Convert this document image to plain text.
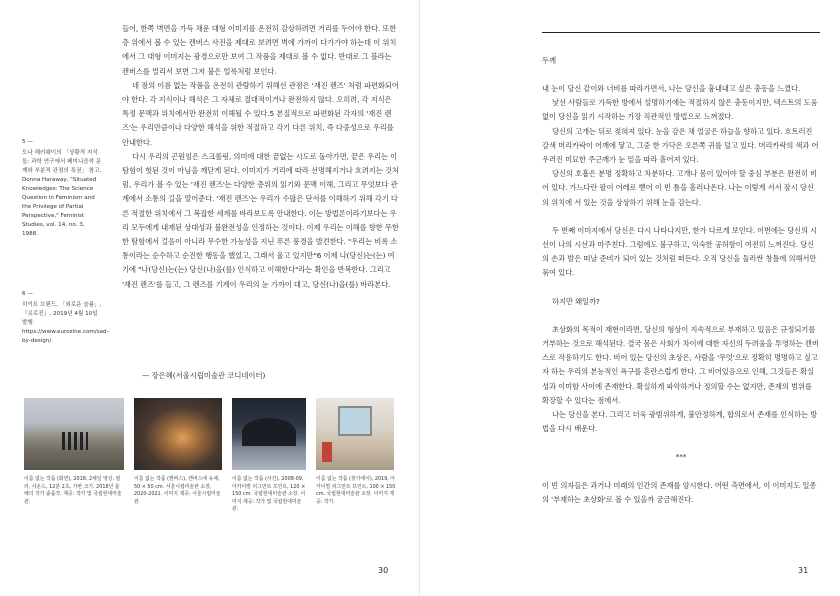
들어, 한쪽 벽면을 가득 채운 대형 이미지를 온전히 감상하려면 거리를 두어야 한다. 또한 층 위에서 볼 수 있는 캔버스 사진을 제대로 보려면 벽에 가까이 다가가야 하는데 이 위치에서 그 대형 이미지는 광경으로만 보여 그 작품을 제대로 볼 수 없다. 반대로 그 블라는 캔버스를 멀리서 보면 그저 불은 얼룩처럼 보인다.

네 점의 이름 없는 작품을 온전히 관람하기 위해선 관점은 '재진 렌즈' 처럼 파편화되어야 한다. 각 지식이나 해석은 그 자체로 절대적이거나 완전하지 않다. 오히려, 각 지식은 특정 문맥과 위치에서만 완전히 이해될 수 있다.5 본질적으로 파편화된 각자의 '재진 렌즈'는 우리만큼이나 다양한 해석을 위한 적절하고 각기 다른 위치, 즉 다중성으로 우리를 안내한다.

다시 우리의 곤원임은 스크롤링, 의미에 대한 끝없는 시도로 돌아가면, 끝은 우리는 이 탐험이 헛된 것이 아님을 깨닫게 된다. 이미지가 거리에 따라 선명해지거나 흐려지는 것처럼, 우리가 볼 수 있는 '재진 렌즈'는 다양한 층위의 읽기와 문맥 이해, 그리고 무엇보다 관계에서 소통의 길을 열어준다. '재진 렌즈'는 우리가 수많은 단서를 이해하기 위해 각기 다른 적절한 위치에서 그 복잡한 세계를 바라보도록 안내한다. 이는 방법론이라기보다는 우리 모두에게 내재된 상대성과 불완전성을 인정하는 것이다. 이제 우리는 이해를 향한 무한한 탐험에서 걸음이 아니라 무수한 가능성을 지닌 푸른 풍경을 발견한다. "우리는 비록 소통이라는 순수하고 순진한 행동을 했었고, 그래서 울고 있지만"6 이제 나(당신)는(는) 여기에 "나(당신)는(는) 당신(나)을(를) 인식하고 이해한다"라는 확인을 반복한다. 그리고 '재진 렌즈'를 들고, 그 렌즈를 기계이 우리의 눈 가까이 대고, 당신(나)을(를) 바라본다.

5 —
도나 해러웨이의 「상황적 지식들: 과학 연구에서 페미니즘적 문제와 부분적 관점의 특권」 참고. Donna Haraway, "Situated Knowledges: The Science Question in Feminism and the Privilege of Partial Perspective," Feminist Studies, vol. 14, no. 3, 1988.
6 —
히이트 브랜드, 「외로운 슬픔」, 『유로진』, 2019년 4월 10일 발행. https://www.eurozine.com/sad-by-design/.
— 장은혜(서울시립미술관 코디네이터)
이름 없는 작품 (화면), 2018, 2채널 영상, 컬러, 사운드, 12분 2초, 가변 크기. 2018년 올해의 작가 출품작. 제공: 작가 및 국립현대미술관.
이름 없는 작품 (캔버스), 캔버스에 유채, 50 × 50 cm. 서울시립미술관 소장, 2020-2021. 이미지 제공: 서울시립미술관.
이름 없는 작품 (사진), 2008-09, 아카이벌 피그먼트 프린트, 120 × 150 cm. 국립현대미술관 소장. 이미지 제공: 작가 및 국립현대미술관.
이름 없는 작품 (창가에서), 2019, 아카이벌 피그먼트 프린트, 100 × 150 cm. 국립현대미술관 소장. 이미지 제공: 작가.
30
두께

내 눈이 당신 같이와 너비를 따라가면서, 나는 당신을 흉내내고 싶은 충동을 느꼈다.

낯선 사람들로 가득한 방에서 설명하기에는 적절하지 않은 충동이지만, 텍스트의 도움 없이 당신을 읽기 시작하는 가장 직관적인 방법으로 느껴졌다.

당신의 고개는 뒤로 젖혀져 있다. 눈을 감은 채 얼굴은 하늘을 향하고 있다. 흐트러진 갈색 머리카락이 어깨에 닿고, 그중 한 가닥은 오른쪽 귀를 덮고 있다. 머리카락의 색과 어우러진 미묘한 주근깨가 눈 밑을 따라 흩어져 있다.

당신의 호흡은 분명 정확하고 차분하다. 고개나 몸이 있어야 할 중심 부분은 완전히 비어 있다. 가느다란 팔이 어레로 뻗어 이 빈 틈을 흘러나온다. 나는 이렇게 서서 잠시 당신의 위치에 서 있는 것을 상상하기 위해 눈을 감는다.

두 번째 이미지에서 당신은 다시 나타나지만, 한가 다르게 보인다. 이번에는 당신의 시선이 나의 시선과 마주친다. 그럼에도 불구하고, 익숙한 공허함이 여전히 느껴진다. 당신의 손과 발은 떠날 준비가 되어 있는 것처럼 떠든다. 오직 당신을 둘러싼 창틀에 의해서만 묶여 있다.

하지만 왜일까?

초상화의 목적이 재현이라면, 당신의 형상이 지속적으로 부재하고 있음은 규정되기를 거부하는 것으로 해석된다. 결국 몸은 사회가 차이에 대한 자신의 두려움을 투영하는 캔버스로 작용하기도 한다. 비어 있는 당신의 초상은, 사람을 '무엇'으로 정확히 명명하고 싶고자 하는 우리의 본능적인 욕구를 혼란스럽게 한다. 그 비어있음으로 인해, 그것들은 확실성과 이미함 사이에 존재한다. 확실하게 파악하거나 정의할 수는 없지만, 존재의 범위를 확장할 수 있다는 점에서.

나는 당신을 본다. 그리고 더욱 광범위하게, 불안정하게, 합의로서 존재를 인식하는 방법을 다시 배운다.

***

이 빈 의자들은 과거나 미래의 인간의 존재를 암시한다. 어떤 측면에서, 이 이미지도 일종의 '부재하는 초상화'로 볼 수 있을까 궁금해진다.

31
